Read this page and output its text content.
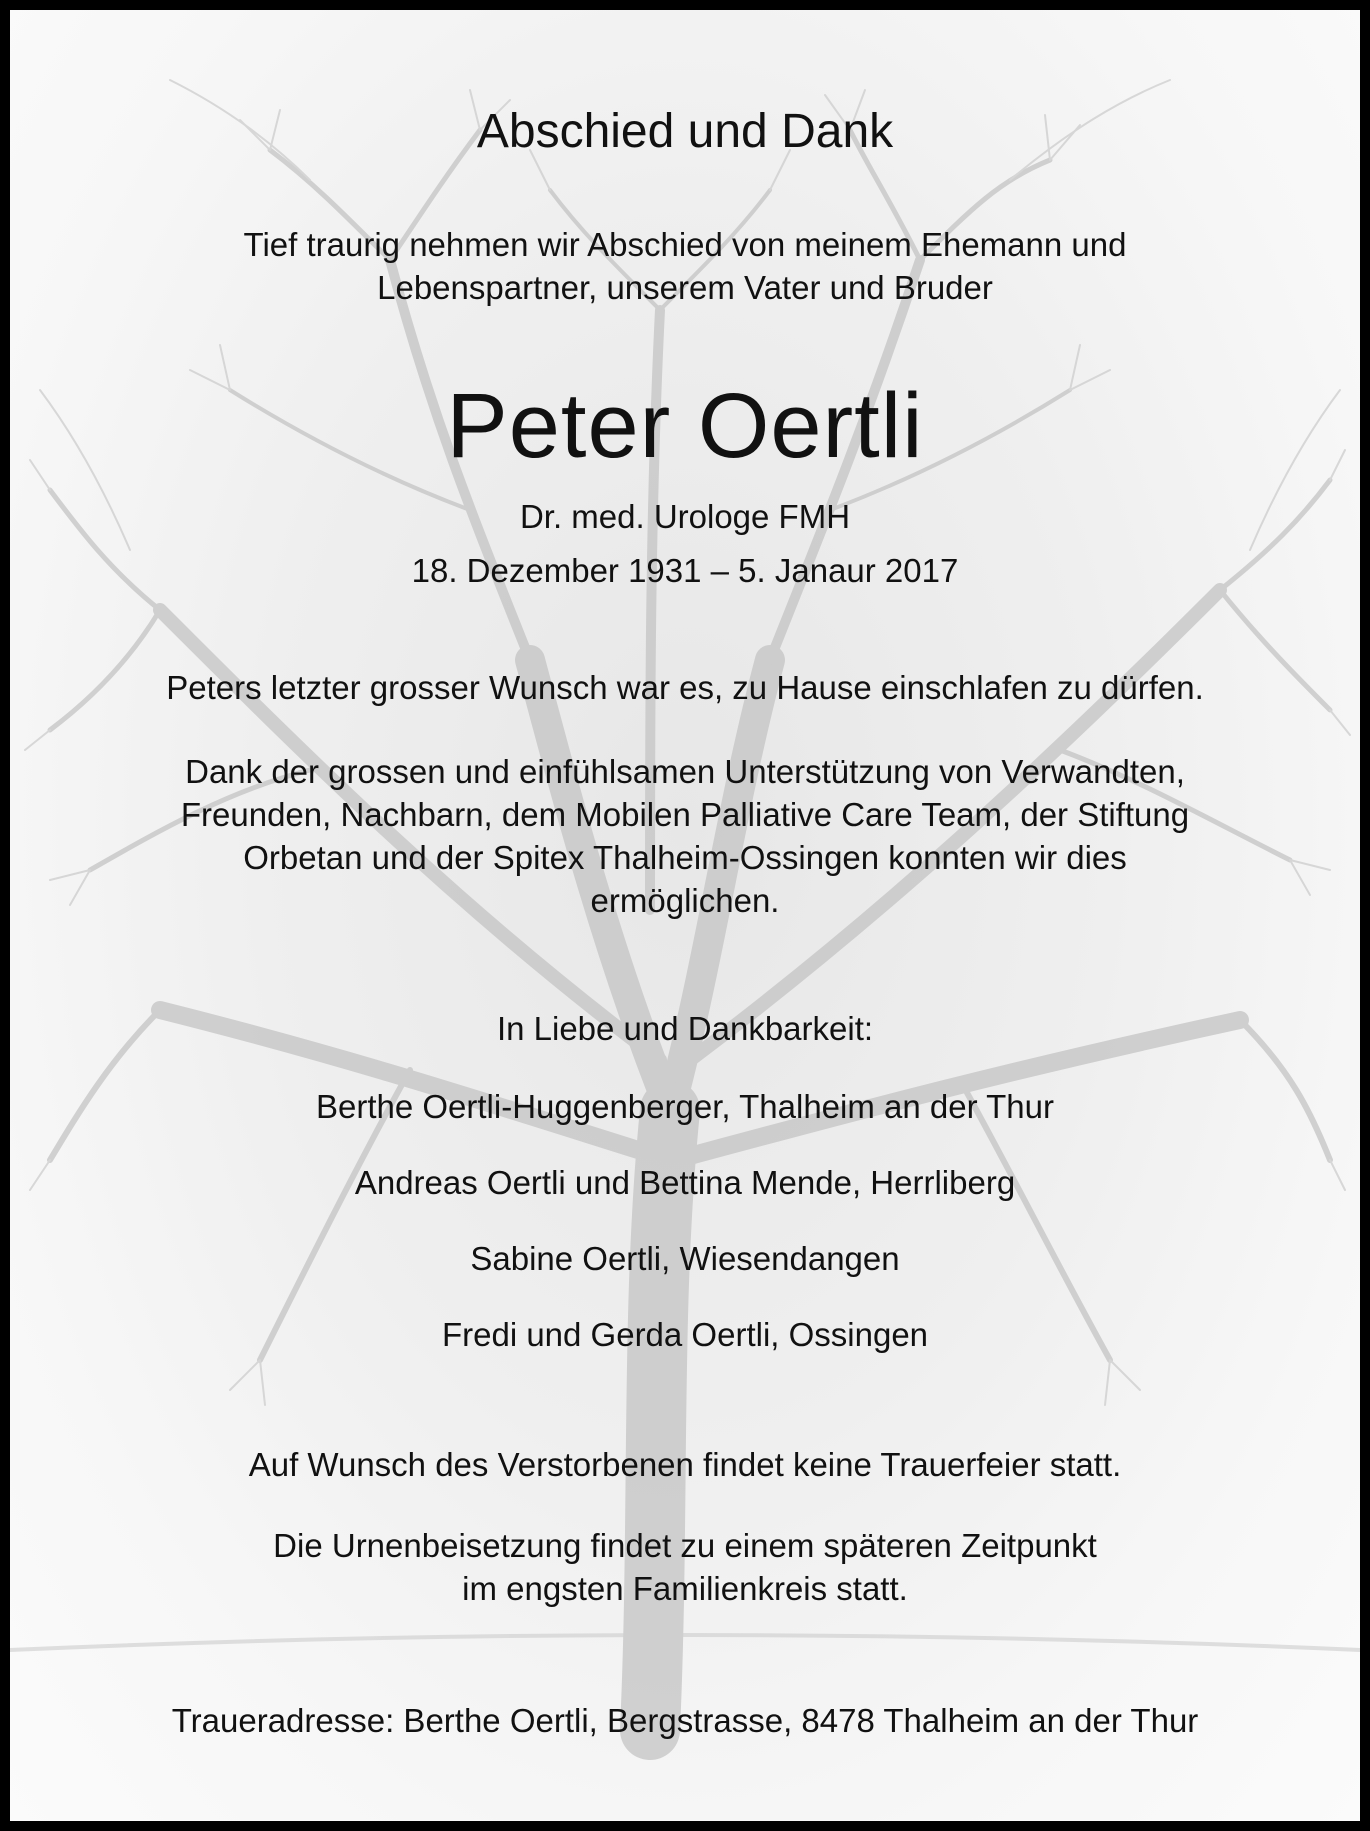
Abschied und Dank
Tief traurig nehmen wir Abschied von meinem Ehemann und
Lebenspartner, unserem Vater und Bruder
Peter Oertli
Dr. med. Urologe FMH
18. Dezember 1931 – 5. Janaur 2017
Peters letzter grosser Wunsch war es, zu Hause einschlafen zu dürfen.
Dank der grossen und einfühlsamen Unterstützung von Verwandten,
Freunden, Nachbarn, dem Mobilen Palliative Care Team, der Stiftung
Orbetan und der Spitex Thalheim-Ossingen konnten wir dies
ermöglichen.
In Liebe und Dankbarkeit:
Berthe Oertli-Huggenberger, Thalheim an der Thur
Andreas Oertli und Bettina Mende, Herrliberg
Sabine Oertli, Wiesendangen
Fredi und Gerda Oertli, Ossingen
Auf Wunsch des Verstorbenen findet keine Trauerfeier statt.
Die Urnenbeisetzung findet zu einem späteren Zeitpunkt
im engsten Familienkreis statt.
Traueradresse: Berthe Oertli, Bergstrasse, 8478 Thalheim an der Thur
